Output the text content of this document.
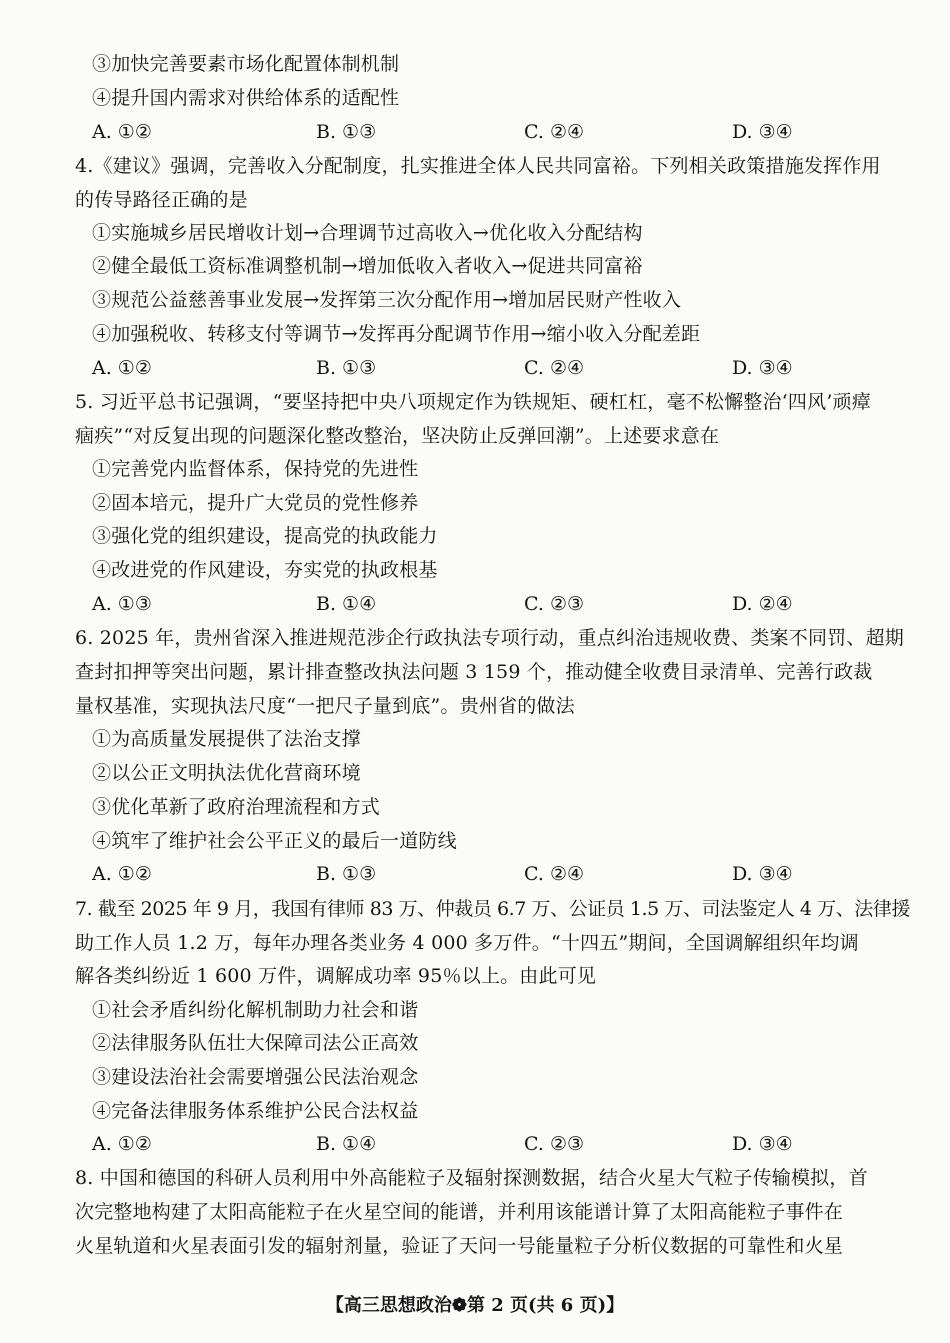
③加快完善要素市场化配置体制机制
④提升国内需求对供给体系的适配性
A. ①②	B. ①③	C. ②④	D. ③④
4.《建议》强调，完善收入分配制度，扎实推进全体人民共同富裕。下列相关政策措施发挥作用
的传导路径正确的是
①实施城乡居民增收计划→合理调节过高收入→优化收入分配结构
②健全最低工资标准调整机制→增加低收入者收入→促进共同富裕
③规范公益慈善事业发展→发挥第三次分配作用→增加居民财产性收入
④加强税收、转移支付等调节→发挥再分配调节作用→缩小收入分配差距
A. ①②	B. ①③	C. ②④	D. ③④
5. 习近平总书记强调，“要坚持把中央八项规定作为铁规矩、硬杠杠，毫不松懈整治‘四风’顽瘴
痼疾”“对反复出现的问题深化整改整治，坚决防止反弹回潮”。上述要求意在
①完善党内监督体系，保持党的先进性
②固本培元，提升广大党员的党性修养
③强化党的组织建设，提高党的执政能力
④改进党的作风建设，夯实党的执政根基
A. ①③	B. ①④	C. ②③	D. ②④
6. 2025 年，贵州省深入推进规范涉企行政执法专项行动，重点纠治违规收费、类案不同罚、超期
查封扣押等突出问题，累计排查整改执法问题 3 159 个，推动健全收费目录清单、完善行政裁
量权基准，实现执法尺度“一把尺子量到底”。贵州省的做法
①为高质量发展提供了法治支撑
②以公正文明执法优化营商环境
③优化革新了政府治理流程和方式
④筑牢了维护社会公平正义的最后一道防线
A. ①②	B. ①③	C. ②④	D. ③④
7. 截至 2025 年 9 月，我国有律师 83 万、仲裁员 6.7 万、公证员 1.5 万、司法鉴定人 4 万、法律援
助工作人员 1.2 万，每年办理各类业务 4 000 多万件。“十四五”期间，全国调解组织年均调
解各类纠纷近 1 600 万件，调解成功率 95％以上。由此可见
①社会矛盾纠纷化解机制助力社会和谐
②法律服务队伍壮大保障司法公正高效
③建设法治社会需要增强公民法治观念
④完备法律服务体系维护公民合法权益
A. ①②	B. ①④	C. ②③	D. ③④
8. 中国和德国的科研人员利用中外高能粒子及辐射探测数据，结合火星大气粒子传输模拟，首
次完整地构建了太阳高能粒子在火星空间的能谱，并利用该能谱计算了太阳高能粒子事件在
火星轨道和火星表面引发的辐射剂量，验证了天问一号能量粒子分析仪数据的可靠性和火星
【高三思想政治❁第 2 页(共 6 页)】
